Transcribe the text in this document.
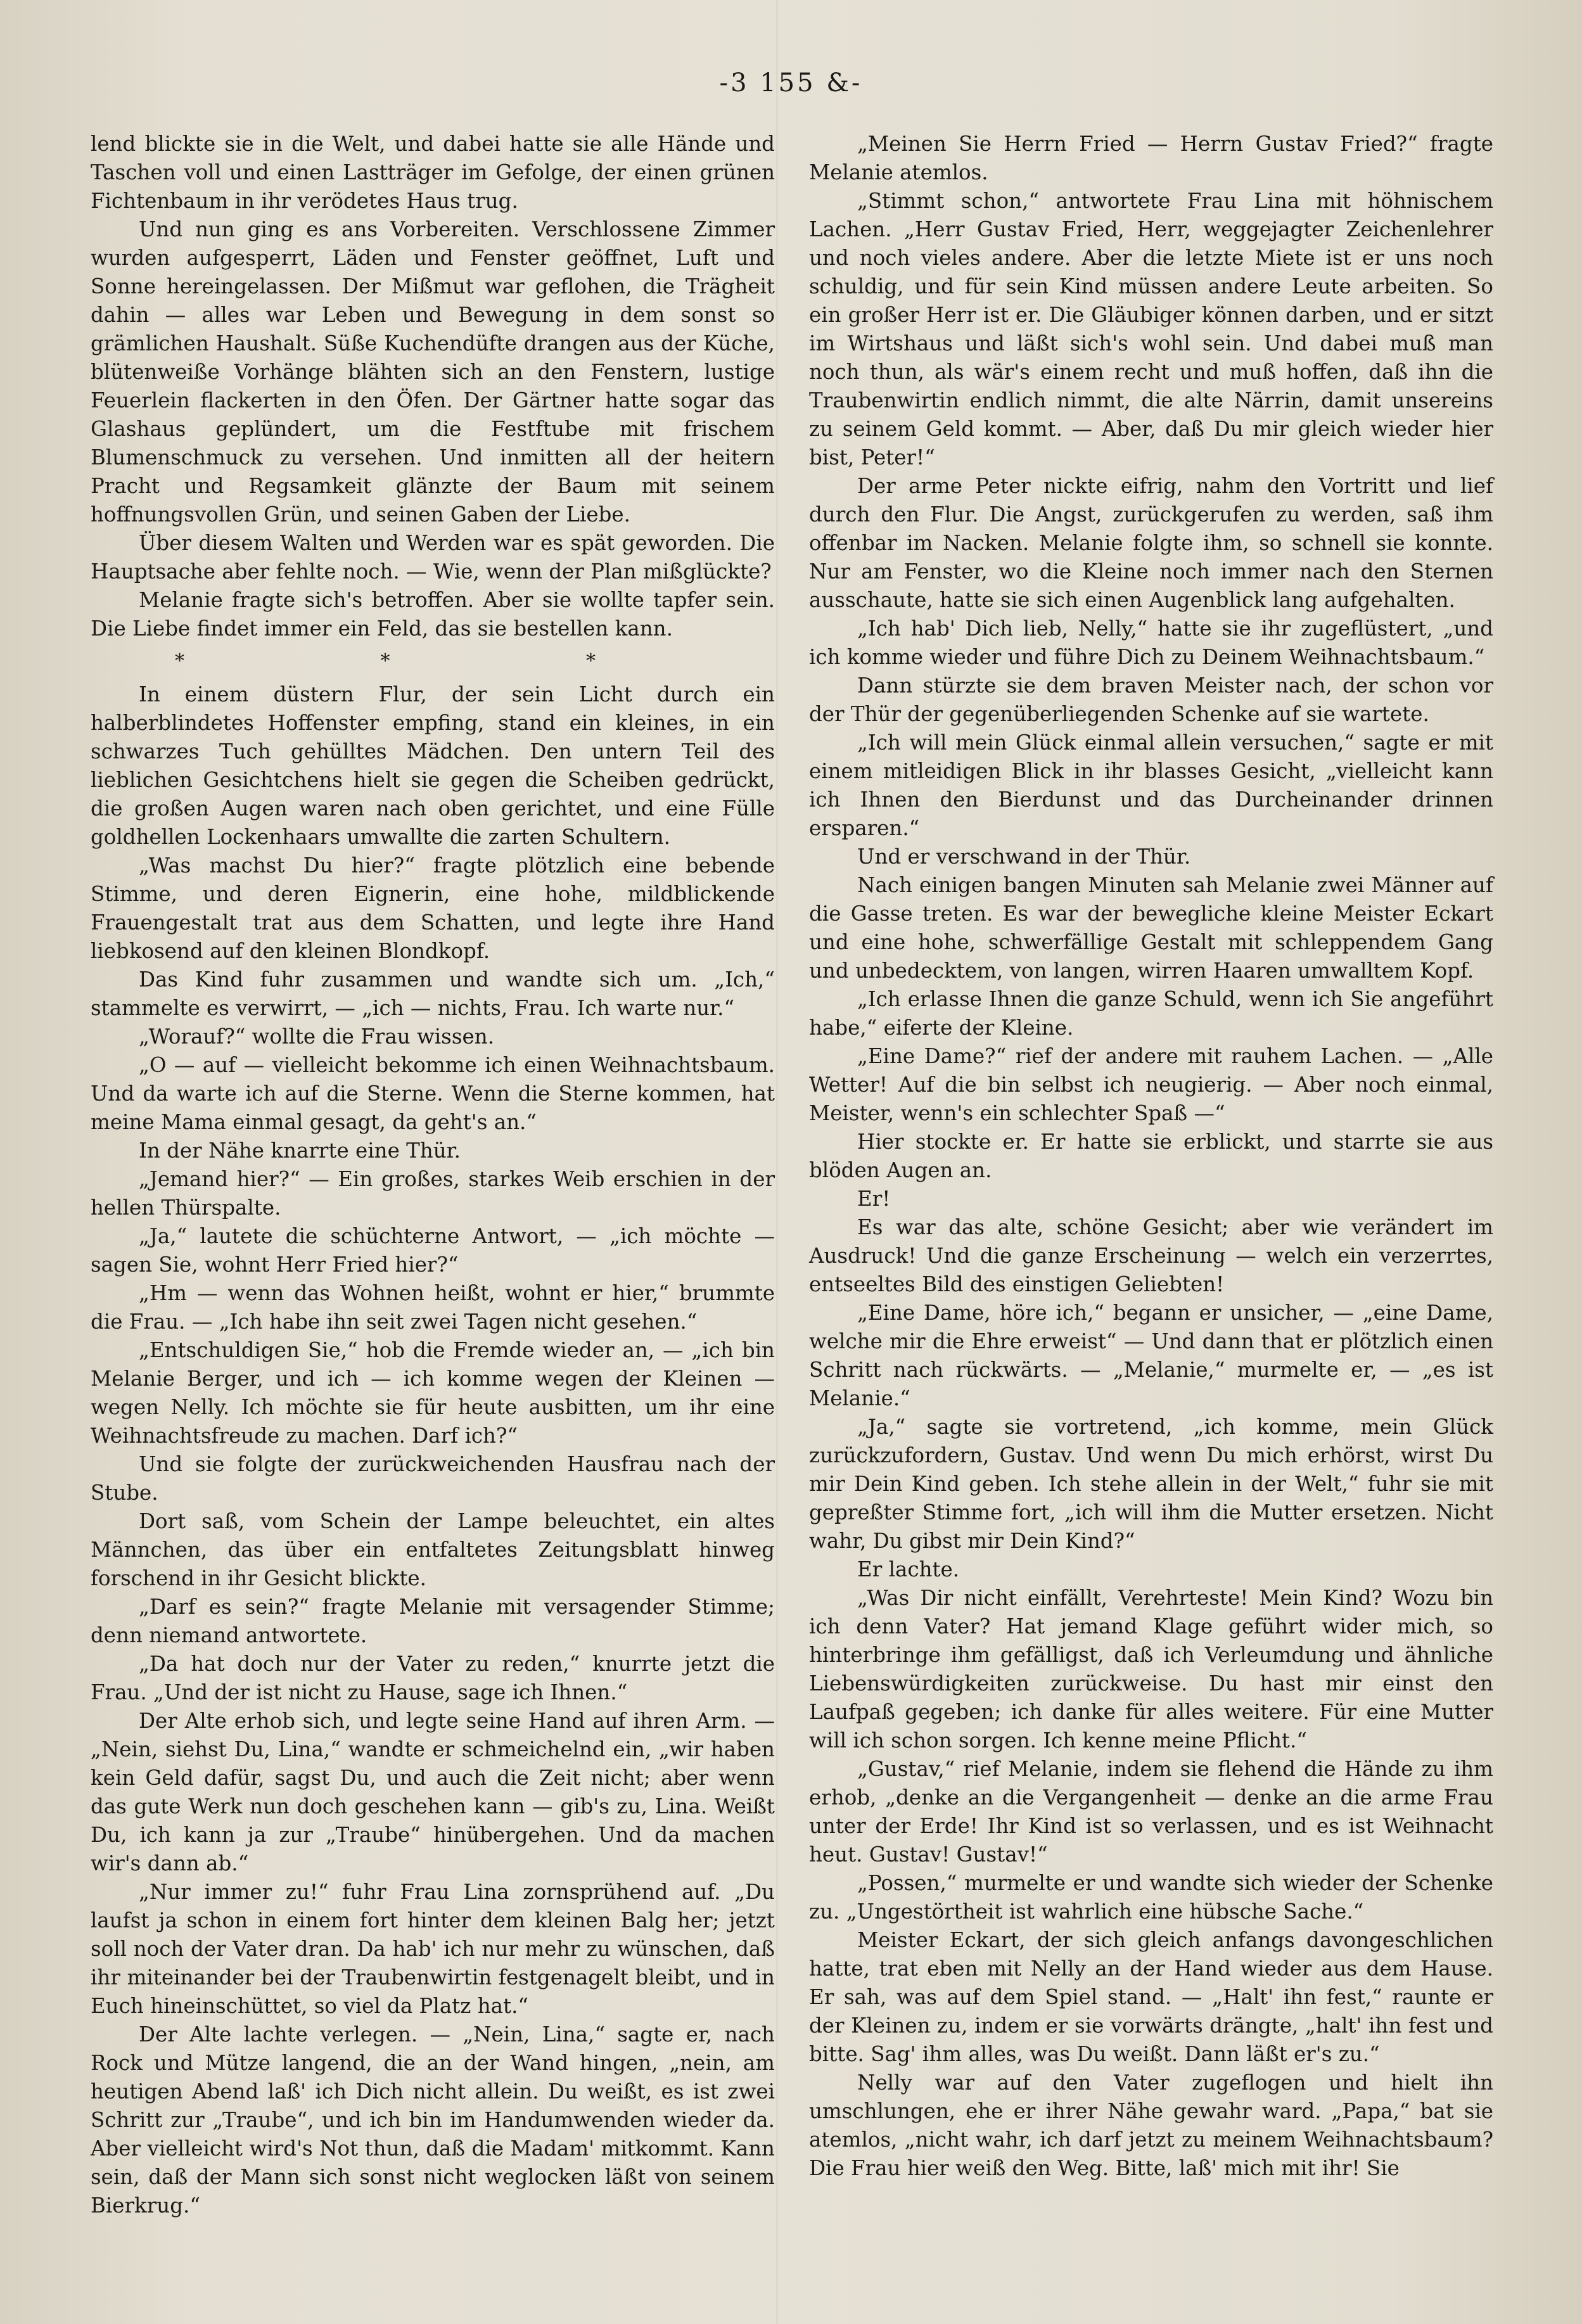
-3 155 &-

lend blickte sie in die Welt, und dabei hatte sie alle Hände und Taschen voll und einen Lastträger im Gefolge, der einen grünen Fichtenbaum in ihr verödetes Haus trug.

Und nun ging es ans Vorbereiten. Verschlossene Zimmer wurden aufgesperrt, Läden und Fenster geöffnet, Luft und Sonne hereingelassen. Der Mißmut war geflohen, die Trägheit dahin — alles war Leben und Bewegung in dem sonst so grämlichen Haushalt. Süße Kuchendüfte drangen aus der Küche, blütenweiße Vorhänge blähten sich an den Fenstern, lustige Feuerlein flackerten in den Öfen. Der Gärtner hatte sogar das Glashaus geplündert, um die Festftube mit frischem Blumenschmuck zu versehen. Und inmitten all der heitern Pracht und Regsamkeit glänzte der Baum mit seinem hoffnungsvollen Grün, und seinen Gaben der Liebe.

Über diesem Walten und Werden war es spät geworden. Die Hauptsache aber fehlte noch. — Wie, wenn der Plan mißglückte?

Melanie fragte sich's betroffen. Aber sie wollte tapfer sein. Die Liebe findet immer ein Feld, das sie bestellen kann.

* * *

In einem düstern Flur, der sein Licht durch ein halberblindetes Hoffenster empfing, stand ein kleines, in ein schwarzes Tuch gehülltes Mädchen. Den untern Teil des lieblichen Gesichtchens hielt sie gegen die Scheiben gedrückt, die großen Augen waren nach oben gerichtet, und eine Fülle goldhellen Lockenhaars umwallte die zarten Schultern.

„Was machst Du hier?“ fragte plötzlich eine bebende Stimme, und deren Eignerin, eine hohe, mildblickende Frauengestalt trat aus dem Schatten, und legte ihre Hand liebkosend auf den kleinen Blondkopf.

Das Kind fuhr zusammen und wandte sich um. „Ich,“ stammelte es verwirrt, — „ich — nichts, Frau. Ich warte nur.“

„Worauf?“ wollte die Frau wissen.

„O — auf — vielleicht bekomme ich einen Weihnachtsbaum. Und da warte ich auf die Sterne. Wenn die Sterne kommen, hat meine Mama einmal gesagt, da geht's an.“

In der Nähe knarrte eine Thür.

„Jemand hier?“ — Ein großes, starkes Weib erschien in der hellen Thürspalte.

„Ja,“ lautete die schüchterne Antwort, — „ich möchte — sagen Sie, wohnt Herr Fried hier?“

„Hm — wenn das Wohnen heißt, wohnt er hier,“ brummte die Frau. — „Ich habe ihn seit zwei Tagen nicht gesehen.“

„Entschuldigen Sie,“ hob die Fremde wieder an, — „ich bin Melanie Berger, und ich — ich komme wegen der Kleinen — wegen Nelly. Ich möchte sie für heute ausbitten, um ihr eine Weihnachtsfreude zu machen. Darf ich?“

Und sie folgte der zurückweichenden Hausfrau nach der Stube.

Dort saß, vom Schein der Lampe beleuchtet, ein altes Männchen, das über ein entfaltetes Zeitungsblatt hinweg forschend in ihr Gesicht blickte.

„Darf es sein?“ fragte Melanie mit versagender Stimme; denn niemand antwortete.

„Da hat doch nur der Vater zu reden,“ knurrte jetzt die Frau. „Und der ist nicht zu Hause, sage ich Ihnen.“

Der Alte erhob sich, und legte seine Hand auf ihren Arm. — „Nein, siehst Du, Lina,“ wandte er schmeichelnd ein, „wir haben kein Geld dafür, sagst Du, und auch die Zeit nicht; aber wenn das gute Werk nun doch geschehen kann — gib's zu, Lina. Weißt Du, ich kann ja zur „Traube“ hinübergehen. Und da machen wir's dann ab.“

„Nur immer zu!“ fuhr Frau Lina zornsprühend auf. „Du laufst ja schon in einem fort hinter dem kleinen Balg her; jetzt soll noch der Vater dran. Da hab' ich nur mehr zu wünschen, daß ihr miteinander bei der Traubenwirtin festgenagelt bleibt, und in Euch hineinschüttet, so viel da Platz hat.“

Der Alte lachte verlegen. — „Nein, Lina,“ sagte er, nach Rock und Mütze langend, die an der Wand hingen, „nein, am heutigen Abend laß' ich Dich nicht allein. Du weißt, es ist zwei Schritt zur „Traube“, und ich bin im Handumwenden wieder da. Aber vielleicht wird's Not thun, daß die Madam' mitkommt. Kann sein, daß der Mann sich sonst nicht weglocken läßt von seinem Bierkrug.“

„Meinen Sie Herrn Fried — Herrn Gustav Fried?“ fragte Melanie atemlos.

„Stimmt schon,“ antwortete Frau Lina mit höhnischem Lachen. „Herr Gustav Fried, Herr, weggejagter Zeichenlehrer und noch vieles andere. Aber die letzte Miete ist er uns noch schuldig, und für sein Kind müssen andere Leute arbeiten. So ein großer Herr ist er. Die Gläubiger können darben, und er sitzt im Wirtshaus und läßt sich's wohl sein. Und dabei muß man noch thun, als wär's einem recht und muß hoffen, daß ihn die Traubenwirtin endlich nimmt, die alte Närrin, damit unsereins zu seinem Geld kommt. — Aber, daß Du mir gleich wieder hier bist, Peter!“

Der arme Peter nickte eifrig, nahm den Vortritt und lief durch den Flur. Die Angst, zurückgerufen zu werden, saß ihm offenbar im Nacken. Melanie folgte ihm, so schnell sie konnte. Nur am Fenster, wo die Kleine noch immer nach den Sternen ausschaute, hatte sie sich einen Augenblick lang aufgehalten.

„Ich hab' Dich lieb, Nelly,“ hatte sie ihr zugeflüstert, „und ich komme wieder und führe Dich zu Deinem Weihnachtsbaum.“

Dann stürzte sie dem braven Meister nach, der schon vor der Thür der gegenüberliegenden Schenke auf sie wartete.

„Ich will mein Glück einmal allein versuchen,“ sagte er mit einem mitleidigen Blick in ihr blasses Gesicht, „vielleicht kann ich Ihnen den Bierdunst und das Durcheinander drinnen ersparen.“

Und er verschwand in der Thür.

Nach einigen bangen Minuten sah Melanie zwei Männer auf die Gasse treten. Es war der bewegliche kleine Meister Eckart und eine hohe, schwerfällige Gestalt mit schleppendem Gang und unbedecktem, von langen, wirren Haaren umwalltem Kopf.

„Ich erlasse Ihnen die ganze Schuld, wenn ich Sie angeführt habe,“ eiferte der Kleine.

„Eine Dame?“ rief der andere mit rauhem Lachen. — „Alle Wetter! Auf die bin selbst ich neugierig. — Aber noch einmal, Meister, wenn's ein schlechter Spaß —“

Hier stockte er. Er hatte sie erblickt, und starrte sie aus blöden Augen an.

Er!

Es war das alte, schöne Gesicht; aber wie verändert im Ausdruck! Und die ganze Erscheinung — welch ein verzerrtes, entseeltes Bild des einstigen Geliebten!

„Eine Dame, höre ich,“ begann er unsicher, — „eine Dame, welche mir die Ehre erweist“ — Und dann that er plötzlich einen Schritt nach rückwärts. — „Melanie,“ murmelte er, — „es ist Melanie.“

„Ja,“ sagte sie vortretend, „ich komme, mein Glück zurückzufordern, Gustav. Und wenn Du mich erhörst, wirst Du mir Dein Kind geben. Ich stehe allein in der Welt,“ fuhr sie mit gepreßter Stimme fort, „ich will ihm die Mutter ersetzen. Nicht wahr, Du gibst mir Dein Kind?“

Er lachte.

„Was Dir nicht einfällt, Verehrteste! Mein Kind? Wozu bin ich denn Vater? Hat jemand Klage geführt wider mich, so hinterbringe ihm gefälligst, daß ich Verleumdung und ähnliche Liebenswürdigkeiten zurückweise. Du hast mir einst den Laufpaß gegeben; ich danke für alles weitere. Für eine Mutter will ich schon sorgen. Ich kenne meine Pflicht.“

„Gustav,“ rief Melanie, indem sie flehend die Hände zu ihm erhob, „denke an die Vergangenheit — denke an die arme Frau unter der Erde! Ihr Kind ist so verlassen, und es ist Weihnacht heut. Gustav! Gustav!“

„Possen,“ murmelte er und wandte sich wieder der Schenke zu. „Ungestörtheit ist wahrlich eine hübsche Sache.“

Meister Eckart, der sich gleich anfangs davongeschlichen hatte, trat eben mit Nelly an der Hand wieder aus dem Hause. Er sah, was auf dem Spiel stand. — „Halt' ihn fest,“ raunte er der Kleinen zu, indem er sie vorwärts drängte, „halt' ihn fest und bitte. Sag' ihm alles, was Du weißt. Dann läßt er's zu.“

Nelly war auf den Vater zugeflogen und hielt ihn umschlungen, ehe er ihrer Nähe gewahr ward. „Papa,“ bat sie atemlos, „nicht wahr, ich darf jetzt zu meinem Weihnachtsbaum? Die Frau hier weiß den Weg. Bitte, laß' mich mit ihr! Sie
